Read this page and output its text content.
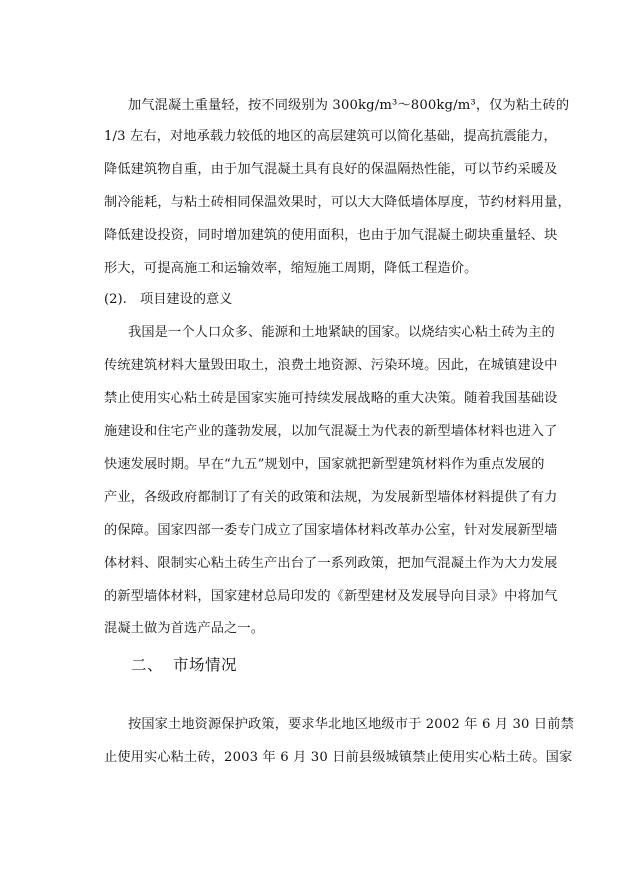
加气混凝土重量轻，按不同级别为 300kg/m³～800kg/m³，仅为粘土砖的
1/3 左右，对地承载力较低的地区的高层建筑可以简化基础，提高抗震能力，
降低建筑物自重，由于加气混凝土具有良好的保温隔热性能，可以节约采暖及
制冷能耗，与粘土砖相同保温效果时，可以大大降低墙体厚度，节约材料用量，
降低建设投资，同时增加建筑的使用面积，也由于加气混凝土砌块重量轻、块
形大，可提高施工和运输效率，缩短施工周期，降低工程造价。
(2).　项目建设的意义
我国是一个人口众多、能源和土地紧缺的国家。以烧结实心粘土砖为主的
传统建筑材料大量毁田取土，浪费土地资源、污染环境。因此，在城镇建设中
禁止使用实心粘土砖是国家实施可持续发展战略的重大决策。随着我国基础设
施建设和住宅产业的蓬勃发展，以加气混凝土为代表的新型墙体材料也进入了
快速发展时期。早在“九五”规划中，国家就把新型建筑材料作为重点发展的
产业，各级政府都制订了有关的政策和法规，为发展新型墙体材料提供了有力
的保障。国家四部一委专门成立了国家墙体材料改革办公室，针对发展新型墙
体材料、限制实心粘土砖生产出台了一系列政策，把加气混凝土作为大力发展
的新型墙体材料，国家建材总局印发的《新型建材及发展导向目录》中将加气
混凝土做为首选产品之一。
二、 市场情况
按国家土地资源保护政策，要求华北地区地级市于 2002 年 6 月 30 日前禁
止使用实心粘土砖，2003 年 6 月 30 日前县级城镇禁止使用实心粘土砖。国家
